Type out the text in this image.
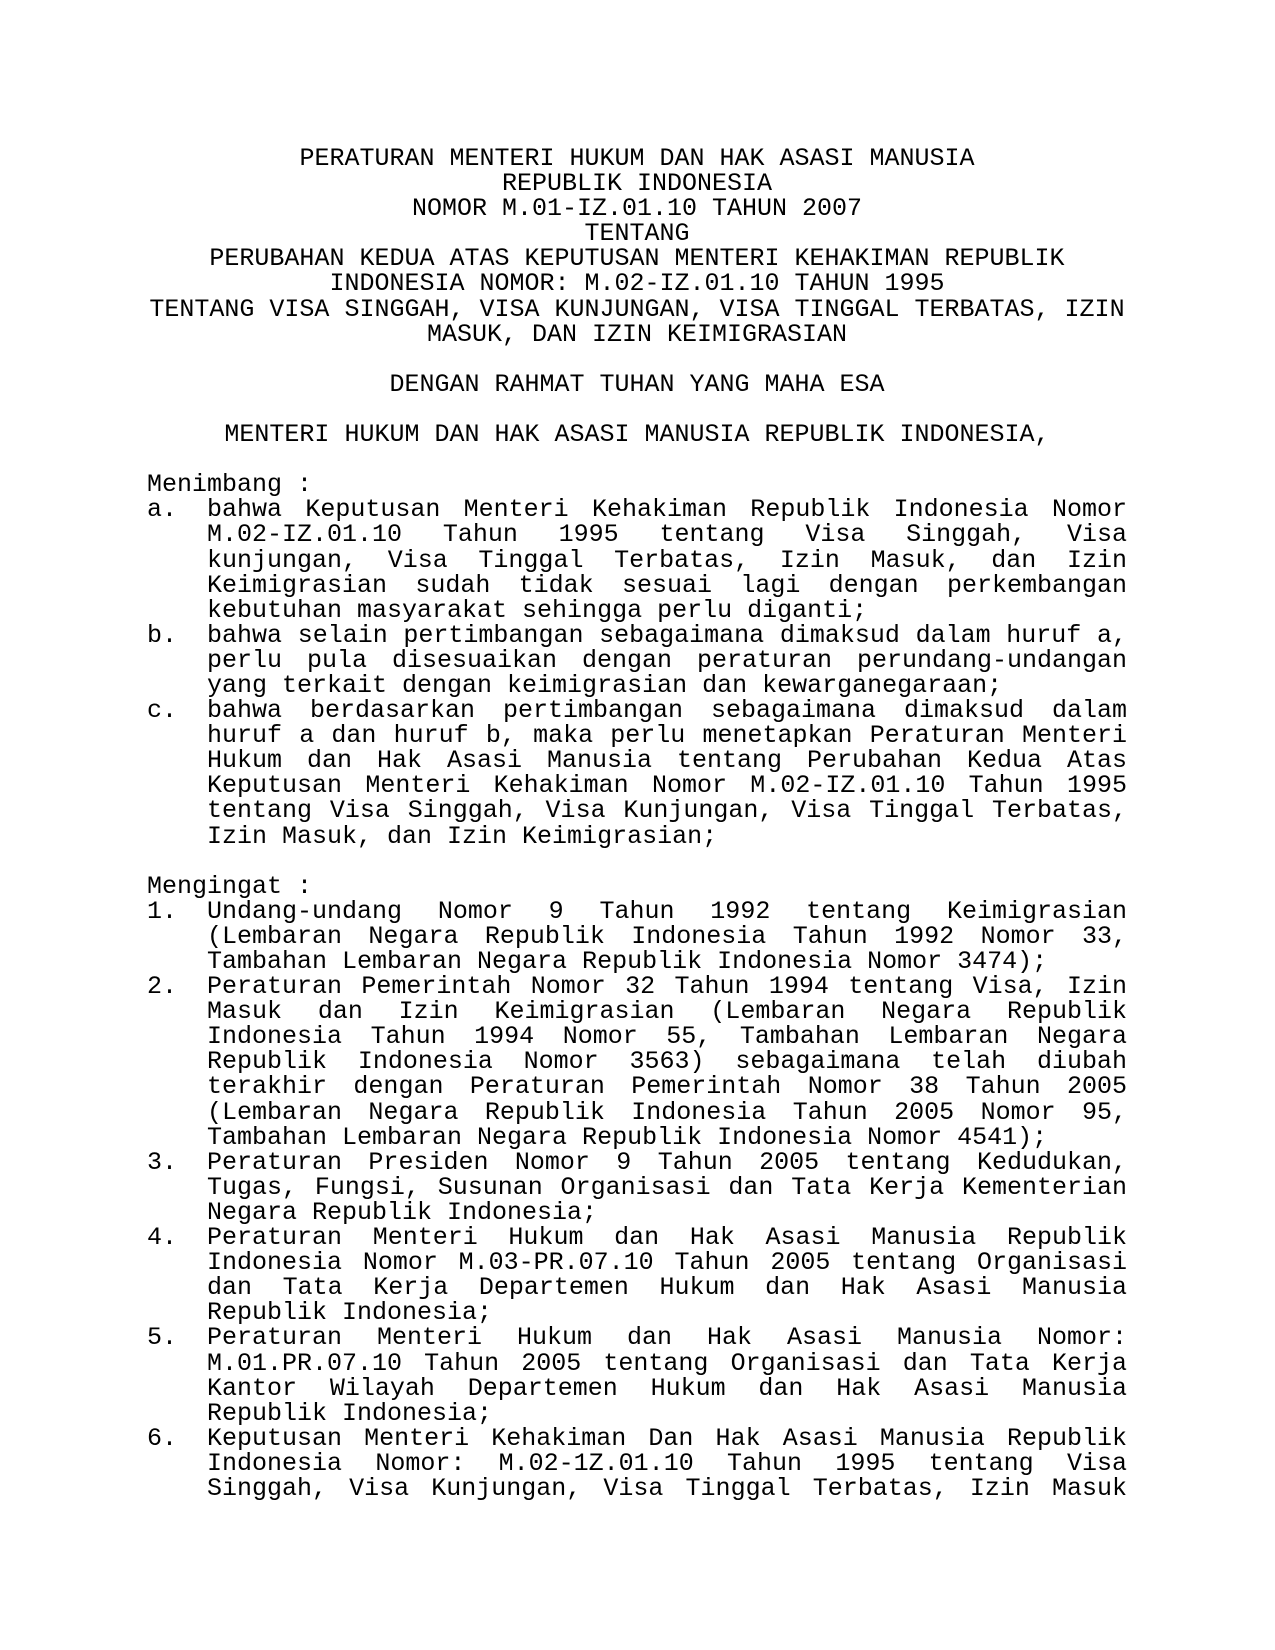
PERATURAN MENTERI HUKUM DAN HAK ASASI MANUSIA
REPUBLIK INDONESIA
NOMOR M.01-IZ.01.10 TAHUN 2007
TENTANG
PERUBAHAN KEDUA ATAS KEPUTUSAN MENTERI KEHAKIMAN REPUBLIK
INDONESIA NOMOR: M.02-IZ.01.10 TAHUN 1995
TENTANG VISA SINGGAH, VISA KUNJUNGAN, VISA TINGGAL TERBATAS, IZIN
MASUK, DAN IZIN KEIMIGRASIAN
DENGAN RAHMAT TUHAN YANG MAHA ESA
MENTERI HUKUM DAN HAK ASASI MANUSIA REPUBLIK INDONESIA,
Menimbang :
a.	bahwa Keputusan Menteri Kehakiman Republik Indonesia Nomor
M.02-IZ.01.10 Tahun 1995 tentang Visa Singgah, Visa
kunjungan, Visa Tinggal Terbatas, Izin Masuk, dan Izin
Keimigrasian sudah tidak sesuai lagi dengan perkembangan
kebutuhan masyarakat sehingga perlu diganti;
b.	bahwa selain pertimbangan sebagaimana dimaksud dalam huruf a,
perlu pula disesuaikan dengan peraturan perundang-undangan
yang terkait dengan keimigrasian dan kewarganegaraan;
c.	bahwa berdasarkan pertimbangan sebagaimana dimaksud dalam
huruf a dan huruf b, maka perlu menetapkan Peraturan Menteri
Hukum dan Hak Asasi Manusia tentang Perubahan Kedua Atas
Keputusan Menteri Kehakiman Nomor M.02-IZ.01.10 Tahun 1995
tentang Visa Singgah, Visa Kunjungan, Visa Tinggal Terbatas,
Izin Masuk, dan Izin Keimigrasian;
Mengingat :
1.	Undang-undang Nomor 9 Tahun 1992 tentang Keimigrasian
(Lembaran Negara Republik Indonesia Tahun 1992 Nomor 33,
Tambahan Lembaran Negara Republik Indonesia Nomor 3474);
2.	Peraturan Pemerintah Nomor 32 Tahun 1994 tentang Visa, Izin
Masuk dan Izin Keimigrasian (Lembaran Negara Republik
Indonesia Tahun 1994 Nomor 55, Tambahan Lembaran Negara
Republik Indonesia Nomor 3563) sebagaimana telah diubah
terakhir dengan Peraturan Pemerintah Nomor 38 Tahun 2005
(Lembaran Negara Republik Indonesia Tahun 2005 Nomor 95,
Tambahan Lembaran Negara Republik Indonesia Nomor 4541);
3.	Peraturan Presiden Nomor 9 Tahun 2005 tentang Kedudukan,
Tugas, Fungsi, Susunan Organisasi dan Tata Kerja Kementerian
Negara Republik Indonesia;
4.	Peraturan Menteri Hukum dan Hak Asasi Manusia Republik
Indonesia Nomor M.03-PR.07.10 Tahun 2005 tentang Organisasi
dan Tata Kerja Departemen Hukum dan Hak Asasi Manusia
Republik Indonesia;
5.	Peraturan Menteri Hukum dan Hak Asasi Manusia Nomor:
M.01.PR.07.10 Tahun 2005 tentang Organisasi dan Tata Kerja
Kantor Wilayah Departemen Hukum dan Hak Asasi Manusia
Republik Indonesia;
6.	Keputusan Menteri Kehakiman Dan Hak Asasi Manusia Republik
Indonesia Nomor: M.02-1Z.01.10 Tahun 1995 tentang Visa
Singgah, Visa Kunjungan, Visa Tinggal Terbatas, Izin Masuk
